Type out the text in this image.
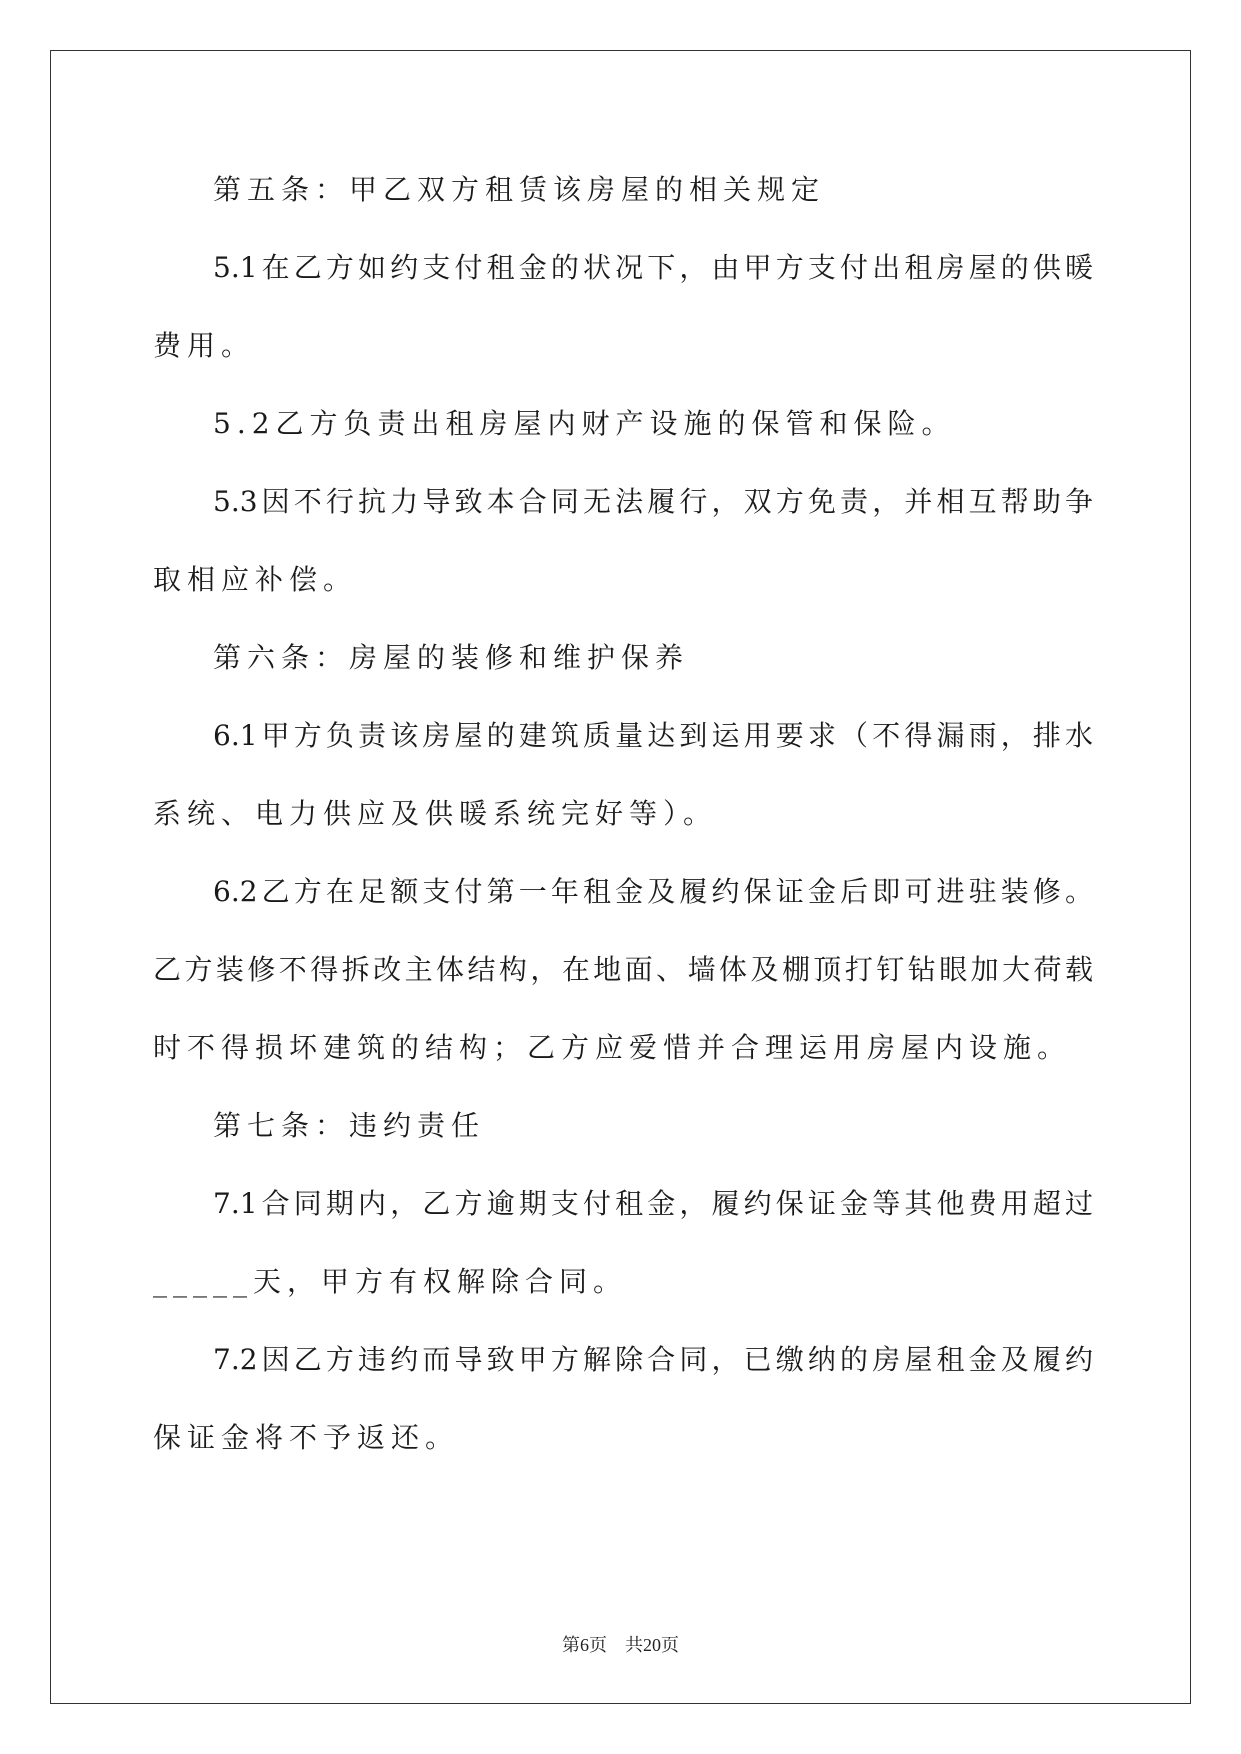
第五条：甲乙双方租赁该房屋的相关规定
5.1在乙方如约支付租金的状况下，由甲方支付出租房屋的供暖
费用。
5.2乙方负责出租房屋内财产设施的保管和保险。
5.3因不行抗力导致本合同无法履行，双方免责，并相互帮助争
取相应补偿。
第六条：房屋的装修和维护保养
6.1甲方负责该房屋的建筑质量达到运用要求（不得漏雨，排水
系统、电力供应及供暖系统完好等）。
6.2乙方在足额支付第一年租金及履约保证金后即可进驻装修。
乙方装修不得拆改主体结构，在地面、墙体及棚顶打钉钻眼加大荷载
时不得损坏建筑的结构；乙方应爱惜并合理运用房屋内设施。
第七条：违约责任
7.1合同期内，乙方逾期支付租金，履约保证金等其他费用超过
_____天，甲方有权解除合同。
7.2因乙方违约而导致甲方解除合同，已缴纳的房屋租金及履约
保证金将不予返还。
第6页　 共20页
